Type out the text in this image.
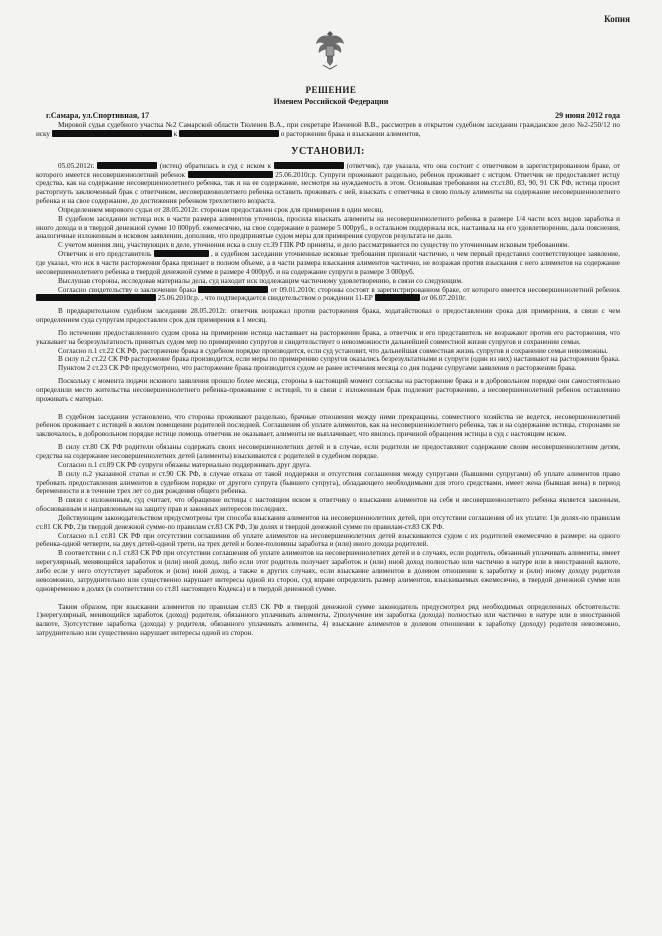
Копия
РЕШЕНИЕ
Именем Российской Федерации
г.Самара, ул.Спортивная, 17	29 июня 2012 года

Мировой судья судебного участка №2 Самарской области Тюленев В.А., при секретаре Изеневой В.В., рассмотрев в открытом судебном заседании гражданское дело №2-250/12 по иску	к	о расторжении брака и взыскании алиментов,

УСТАНОВИЛ:

05.05.2012г.	(истец) обратилась в суд с иском к	(ответчик), где указала, что она состоит с ответчиком в зарегистрированном браке, от которого имеется несовершеннолетний ребенок	25.06.2010г.р. Супруги проживают раздельно, ребенок проживает с истцом. Ответчик не предоставляет истцу средства, как на содержание несовершеннолетнего ребенка, так и на ее содержание, несмотря на нуждаемость в этом. Основывая требования на ст.ст.80, 83, 90, 91 СК РФ, истица просит расторгнуть заключенный брак с ответчиком, несовершеннолетнего ребенка оставить проживать с ней, взыскать с ответчика в свою пользу алименты на содержание несовершеннолетнего ребенка и на свое содержание, до достижения ребенком трехлетнего возраста.

Определением мирового судьи от 28.05.2012г. сторонам предоставлен срок для примирения в один месяц.

В судебном заседании истица иск в части размера алиментов уточнила, просила взыскать алименты на несовершеннолетнего ребенка в размере 1/4 части всех видов заработка и иного дохода и в твердой денежной сумме 10 000руб. ежемесячно, на свое содержание в размере 5 000руб., в остальном поддержала иск, настаивала на его удовлетворении, дала пояснения, аналогичные изложенным в исковом заявлении, дополнив, что предпринятые судом меры для примирения супругов результата не дали.

С учетом мнения лиц, участвующих в деле, уточнения иска в силу ст.39 ГПК РФ приняты, и дело рассматривается по существу по уточненным исковым требованиям.

Ответчик и его представитель	, в судебном заседании уточненные исковые требования признали частично, о чем первый представил соответствующее заявление, где указал, что иск в части расторжения брака признает в полном объеме, а в части размера взыскания алиментов частично, не возражая против взыскания с него алиментов на содержание несовершеннолетнего ребенка в твердой денежной сумме в размере 4 000руб. и на содержание супруги в размере 3 000руб.

Выслушав стороны, исследовав материалы дела, суд находит иск подлежащим частичному удовлетворению, в связи со следующим.

Согласно свидетельству о заключении брака	от 09.01.2010г. стороны состоят в зарегистрированном браке, от которого имеется несовершеннолетний ребенок  25.06.2010г.р. , что подтверждается свидетельством о рождении 11-ЕР	от 06.07.2010г.

В предварительном судебном заседании 28.05.2012г. ответчик возражал против расторжения брака, ходатайствовал о предоставлении срока для примирения, в связи с чем определением суда супругам предоставлен срок для примирения в 1 месяц.

По истечении предоставленного судом срока на примирение истица настаивает на расторжении брака, а ответчик и его представитель не возражают против его расторжения, что указывает на безрезультатность принятых судом мер по примирению супругов и свидетельствует о невозможности дальнейшей совместной жизни супругов и сохранении семьи.

Согласно п.1 ст.22 СК РФ, расторжение брака в судебном порядке производится, если суд установит, что дальнейшая совместная жизнь супругов и сохранение семьи невозможны.

В силу п.2 ст.22 СК РФ расторжение брака производится, если меры по примирению супругов оказались безрезультатными и супруги (один из них) настаивают на расторжении брака.

Пунктом 2 ст.23 СК РФ предусмотрено, что расторжение брака производится судом не ранее истечения месяца со дня подачи супругами заявления о расторжении брака.

Поскольку с момента подачи искового заявления прошло более месяца, стороны в настоящий момент согласны на расторжение брака и в добровольном порядке они самостоятельно определили место жительства несовершеннолетнего ребенка-проживание с истицей, то в связи с изложенным брак подлежит расторжению, а несовершеннолетний ребенок оставлению проживать с матерью.

В судебном заседании установлено, что стороны проживают раздельно, брачные отношения между ними прекращены, совместного хозяйства не ведется, несовершеннолетний ребенок проживает с истицей в жилом помещении родителей последней. Соглашения об уплате алиментов, как на несовершеннолетнего ребенка, так и на содержание истицы, сторонами не заключалось, в добровольном порядке истице помощь ответчик не оказывает, алименты не выплачивает, что явилось причиной обращения истицы в суд с настоящим иском.

В силу ст.80 СК РФ родители обязаны содержать своих несовершеннолетних детей и в случае, если родители не предоставляют содержание своим несовершеннолетним детям, средства на содержание несовершеннолетних детей (алименты) взыскиваются с родителей в судебном порядке.

Согласно п.1 ст.89 СК РФ супруги обязаны материально поддерживать друг друга.

В силу п.2 указанной статьи и ст.90 СК РФ, в случае отказа от такой поддержки и отсутствия соглашения между супругами (бывшими супругами) об уплате алиментов право требовать предоставления алиментов в судебном порядке от другого супруга (бывшего супруга), обладающего необходимыми для этого средствами, имеет жена (бывшая жена) в период беременности и в течение трех лет со дня рождения общего ребенка.

В связи с изложенным, суд считает, что обращение истицы с настоящим иском к ответчику о взыскании алиментов на себя и несовершеннолетнего ребенка является законным, обоснованным и направленным на защиту прав и законных интересов последних.

Действующим законодательством предусмотрены три способа взыскания алиментов на несовершеннолетних детей, при отсутствии соглашения об их уплате: 1)в долях-по правилам ст.81 СК РФ, 2)в твердой денежной сумме-по правилам ст.83 СК РФ, 3)в долях и твердой денежной сумме по правилам-ст.83 СК РФ.

Согласно п.1 ст.81 СК РФ при отсутствии соглашения об уплате алиментов на несовершеннолетних детей взыскиваются судом с их родителей ежемесячно в размере: на одного ребенка-одной четверти, на двух детей-одной трети, на трех детей и более-половины заработка и (или) иного дохода родителей.

В соответствии с п.1 ст.83 СК РФ при отсутствии соглашения об уплате алиментов на несовершеннолетних детей и в случаях, если родитель, обязанный уплачивать алименты, имеет нерегулярный, меняющийся заработок и (или) иной доход, либо если этот родитель получает заработок и (или) иной доход полностью или частично в натуре или в иностранной валюте, либо если у него отсутствует заработок и (или) иной доход, а также в других случаях, если взыскание алиментов в долевом отношении к заработку и (или) иному доходу родителя невозможно, затруднительно или существенно нарушает интересы одной из сторон, суд вправе определить размер алиментов, взыскиваемых ежемесячно, в твердой денежной сумме или одновременно в долях (в соответствии со ст.81 настоящего Кодекса) и в твердой денежной сумме.

Таким образом, при взыскании алиментов по правилам ст.83 СК РФ в твердой денежной сумме законодатель предусмотрел ряд необходимых определенных обстоятельств: 1)нерегулярный, меняющийся заработок (доход) родителя, обязанного уплачивать алименты, 2)получение им заработка (дохода) полностью или частично в натуре или в иностранной валюте, 3)отсутствие заработка (дохода) у родителя, обязанного уплачивать алименты, 4) взыскание алиментов в долевом отношении к заработку (доходу) родителя невозможно, затруднительно или существенно нарушает интересы одной из сторон.
